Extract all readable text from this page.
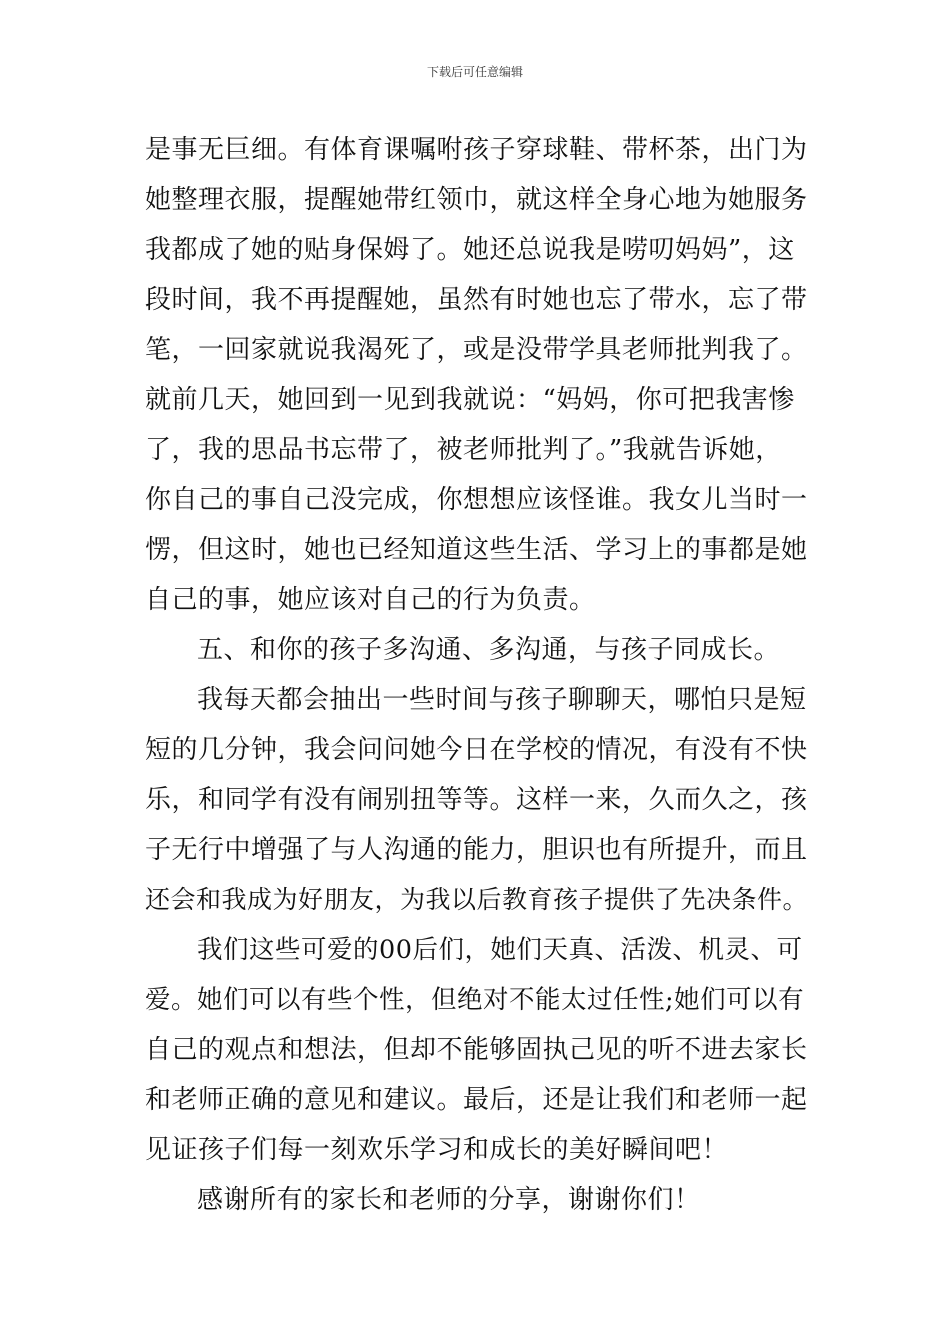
下载后可任意编辑
是事无巨细。有体育课嘱咐孩子穿球鞋、带杯茶，出门为
她整理衣服，提醒她带红领巾，就这样全身心地为她服务
我都成了她的贴身保姆了。她还总说我是唠叨妈妈”，这
段时间，我不再提醒她，虽然有时她也忘了带水，忘了带
笔，一回家就说我渴死了，或是没带学具老师批判我了。
就前几天，她回到一见到我就说：“妈妈，你可把我害惨
了，我的思品书忘带了，被老师批判了。”我就告诉她，
你自己的事自己没完成，你想想应该怪谁。我女儿当时一
愣，但这时，她也已经知道这些生活、学习上的事都是她
自己的事，她应该对自己的行为负责。
五、和你的孩子多沟通、多沟通，与孩子同成长。
我每天都会抽出一些时间与孩子聊聊天，哪怕只是短
短的几分钟，我会问问她今日在学校的情况，有没有不快
乐，和同学有没有闹别扭等等。这样一来，久而久之，孩
子无行中增强了与人沟通的能力，胆识也有所提升，而且
还会和我成为好朋友，为我以后教育孩子提供了先决条件。
我们这些可爱的00后们，她们天真、活泼、机灵、可
爱。她们可以有些个性，但绝对不能太过任性;她们可以有
自己的观点和想法，但却不能够固执己见的听不进去家长
和老师正确的意见和建议。最后，还是让我们和老师一起
见证孩子们每一刻欢乐学习和成长的美好瞬间吧！
感谢所有的家长和老师的分享，谢谢你们！
